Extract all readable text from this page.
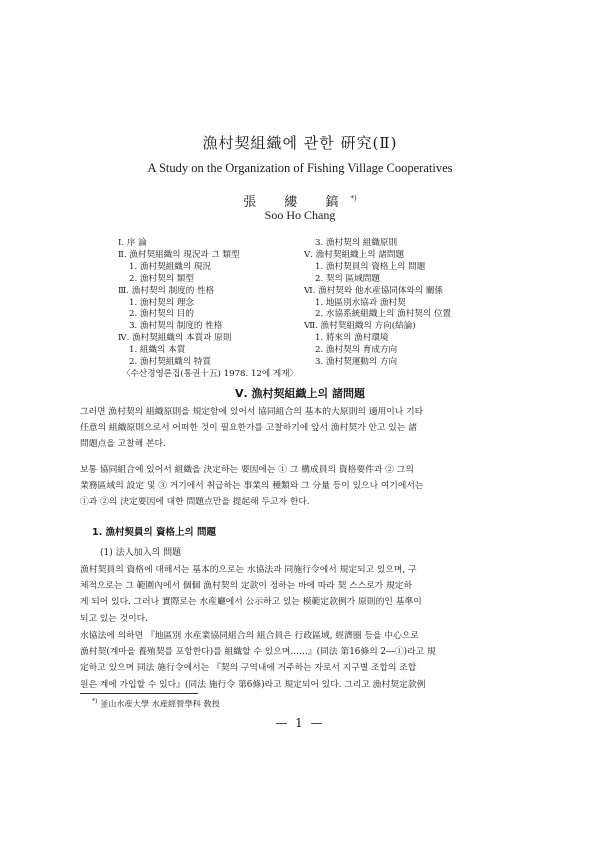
漁村契組織에 관한 硏究(Ⅱ)
A Study on the Organization of Fishing Village Cooperatives
張 縷 鎬*)
Soo Ho Chang
Ⅰ. 序 論
Ⅱ. 漁村契組織의 現況과 그 類型
1. 漁村契組織의 現況
2. 漁村契의 類型
Ⅲ. 漁村契의 制度的 性格
1. 漁村契의 理念
2. 漁村契의 目的
3. 漁村契의 制度的 性格
Ⅳ. 漁村契組織의 本質과 原則
1. 組織의 本質
2. 漁村契組織의 特質
〈수산경영론집(통권十五) 1978. 12에 게재〉
3. 漁村契의 組織原則
Ⅴ. 漁村契組織上의 諸問題
1. 漁村契員의 資格上의 問題
2. 契의 區域問題
Ⅵ. 漁村契와 他水産協同体와의 關係
1. 地區別水協과 漁村契
2. 水協系統組織上의 漁村契의 位置
Ⅶ. 漁村契組織의 方向(結論)
1. 將來의 漁村環境
2. 漁村契의 育成方向
3. 漁村契運動의 方向
Ⅴ. 漁村契組織上의 諸問題
그러면 漁村契의 組織原則을 規定함에 있어서 協同組合의 基本的大原則의 適用이나 기타
任意의 組織原則으로서 어떠한 것이 필요한가를 고찰하기에 앞서 漁村契가 안고 있는 諸
問題点을 고찰해 본다.
보통 協同組合에 있어서 組織을 決定하는 要因에는 ① 그 構成員의 資格要件과 ② 그의
業務區域의 設定 및 ③ 거기에서 취급하는 事業의 種類와 그 分量 등이 있으나 여기에서는
①과 ②의 決定要因에 대한 問題点만을 提起해 두고자 한다.
1. 漁村契員의 資格上의 問題
(1) 法人加入의 問題
漁村契員의 資格에 대해서는 基本的으로는 水協法과 同施行令에서 規定되고 있으며, 구
체적으로는 그 範圍內에서 個個 漁村契의 定款이 정하는 바에 따라 契 스스로가 規定하
게 되어 있다. 그러나 實際로는 水産廳에서 公示하고 있는 模範定款例가 原則的인 基準이
되고 있는 것이다.
水協法에 의하면 『地區別 水産業協同組合의 組合員은 行政區域, 經濟圈 등을 中心으로
漁村契(계마을 養殖契를 포함한다)를 組織할 수 있으며……』(同法 第16條의 2―①)라고 規
定하고 있으며 同法 施行令에서는 『契의 구역내에 거주하는 자로서 지구별 조합의 조합
원은 계에 가입할 수 있다』(同法 施行令 第6條)라고 規定되어 있다. 그리고 漁村契定款例
*) 釜山水産大學 水産經營學科 敎授
— 1 —
